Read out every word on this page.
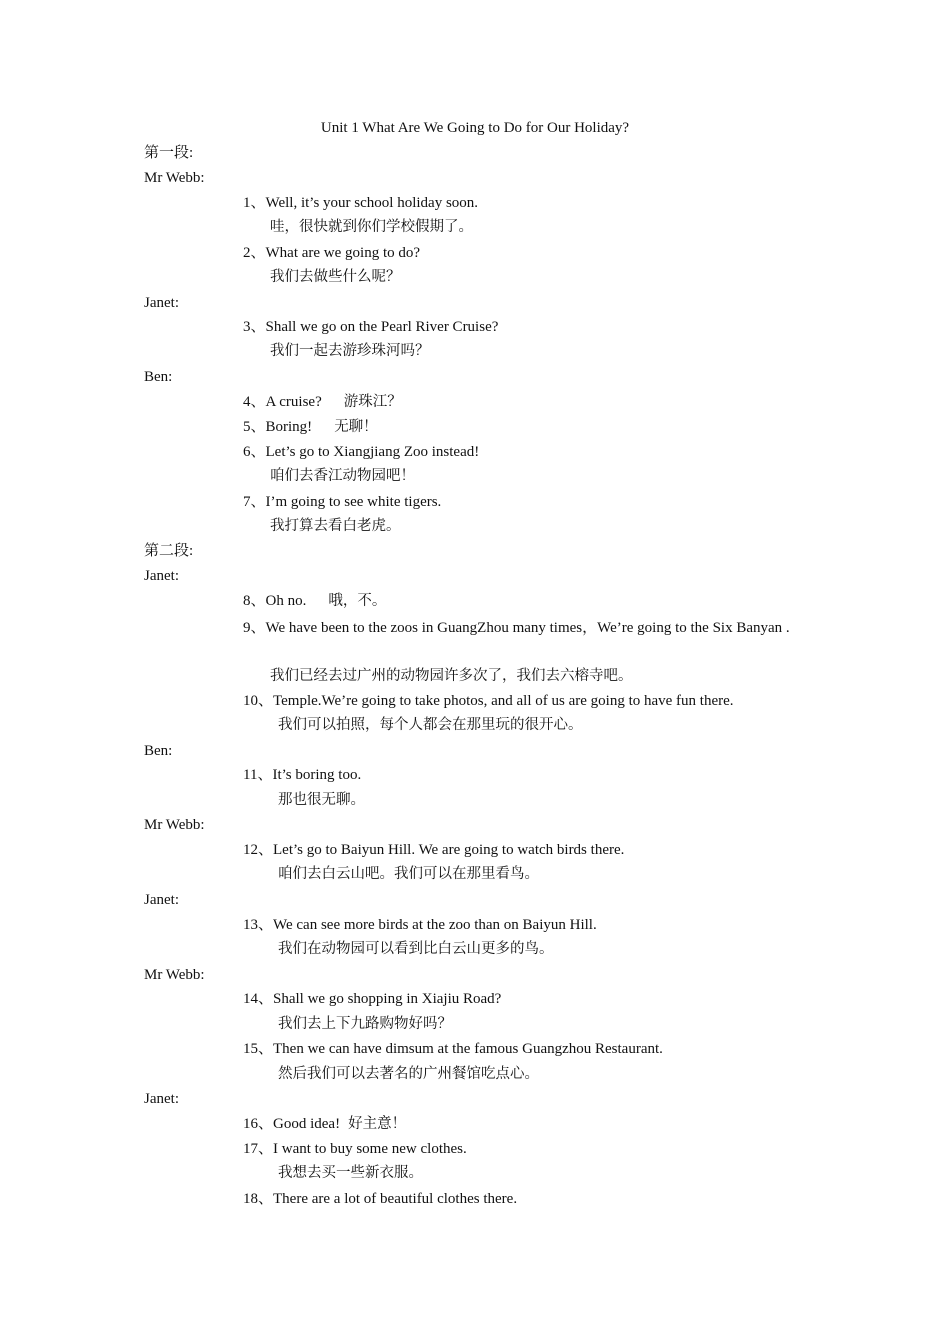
Unit 1 What Are We Going to Do for Our Holiday?
第一段:
Mr Webb:
1、Well, it’s your school holiday soon.
哇，很快就到你们学校假期了。
2、What are we going to do?
我们去做些什么呢？
Janet:
3、Shall we go on the Pearl River Cruise?
我们一起去游珍珠河吗？
Ben:
4、A cruise? 游珠江？
5、Boring! 无聊！
6、Let’s go to Xiangjiang Zoo instead!
咱们去香江动物园吧！
7、I’m going to see white tigers.
我打算去看白老虎。
第二段:
Janet:
8、Oh no. 哦，不。
9、We have been to the zoos in GuangZhou many times，We’re going to the Six Banyan .
我们已经去过广州的动物园许多次了，我们去六榕寺吧。
10、Temple.We’re going to take photos, and all of us are going to have fun there.
我们可以拍照，每个人都会在那里玩的很开心。
Ben:
11、It’s boring too.
那也很无聊。
Mr Webb:
12、Let’s go to Baiyun Hill. We are going to watch birds there.
咱们去白云山吧。我们可以在那里看鸟。
Janet:
13、We can see more birds at the zoo than on Baiyun Hill.
我们在动物园可以看到比白云山更多的鸟。
Mr Webb:
14、Shall we go shopping in Xiajiu Road?
我们去上下九路购物好吗？
15、Then we can have dimsum at the famous Guangzhou Restaurant.
然后我们可以去著名的广州餐馆吃点心。
Janet:
16、Good idea! 好主意！
17、I want to buy some new clothes.
我想去买一些新衣服。
18、There are a lot of beautiful clothes there.
